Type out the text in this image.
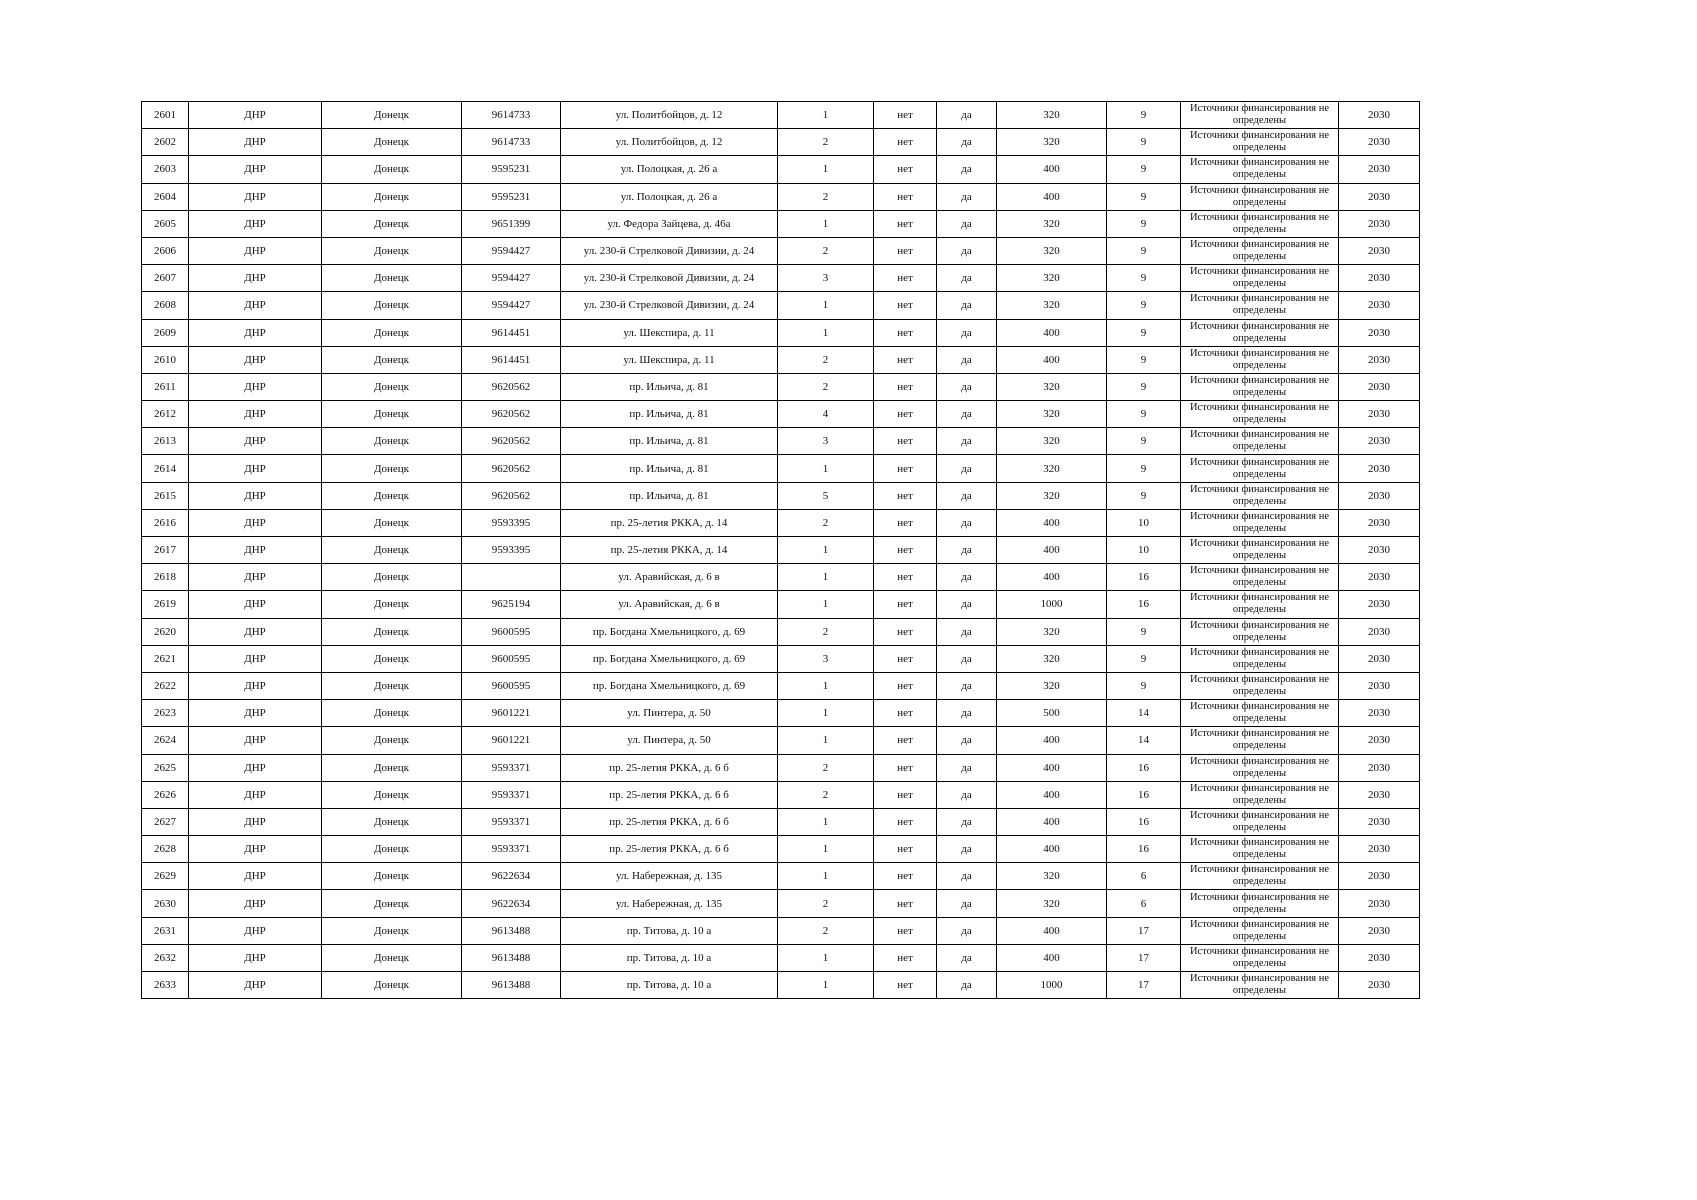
2601	ДНР	Донецк	9614733	ул. Политбойцов, д. 12	1	нет	да	320	9	Источники финансирования не определены	2030
2602	ДНР	Донецк	9614733	ул. Политбойцов, д. 12	2	нет	да	320	9	Источники финансирования не определены	2030
2603	ДНР	Донецк	9595231	ул. Полоцкая, д. 26 а	1	нет	да	400	9	Источники финансирования не определены	2030
2604	ДНР	Донецк	9595231	ул. Полоцкая, д. 26 а	2	нет	да	400	9	Источники финансирования не определены	2030
2605	ДНР	Донецк	9651399	ул. Федора Зайцева, д. 46а	1	нет	да	320	9	Источники финансирования не определены	2030
2606	ДНР	Донецк	9594427	ул. 230-й Стрелковой Дивизии, д. 24	2	нет	да	320	9	Источники финансирования не определены	2030
2607	ДНР	Донецк	9594427	ул. 230-й Стрелковой Дивизии, д. 24	3	нет	да	320	9	Источники финансирования не определены	2030
2608	ДНР	Донецк	9594427	ул. 230-й Стрелковой Дивизии, д. 24	1	нет	да	320	9	Источники финансирования не определены	2030
2609	ДНР	Донецк	9614451	ул. Шекспира, д. 11	1	нет	да	400	9	Источники финансирования не определены	2030
2610	ДНР	Донецк	9614451	ул. Шекспира, д. 11	2	нет	да	400	9	Источники финансирования не определены	2030
2611	ДНР	Донецк	9620562	пр. Ильича, д. 81	2	нет	да	320	9	Источники финансирования не определены	2030
2612	ДНР	Донецк	9620562	пр. Ильича, д. 81	4	нет	да	320	9	Источники финансирования не определены	2030
2613	ДНР	Донецк	9620562	пр. Ильича, д. 81	3	нет	да	320	9	Источники финансирования не определены	2030
2614	ДНР	Донецк	9620562	пр. Ильича, д. 81	1	нет	да	320	9	Источники финансирования не определены	2030
2615	ДНР	Донецк	9620562	пр. Ильича, д. 81	5	нет	да	320	9	Источники финансирования не определены	2030
2616	ДНР	Донецк	9593395	пр. 25-летия РККА, д. 14	2	нет	да	400	10	Источники финансирования не определены	2030
2617	ДНР	Донецк	9593395	пр. 25-летия РККА, д. 14	1	нет	да	400	10	Источники финансирования не определены	2030
2618	ДНР	Донецк		ул. Аравийская, д. 6 в	1	нет	да	400	16	Источники финансирования не определены	2030
2619	ДНР	Донецк	9625194	ул. Аравийская, д. 6 в	1	нет	да	1000	16	Источники финансирования не определены	2030
2620	ДНР	Донецк	9600595	пр. Богдана Хмельницкого, д. 69	2	нет	да	320	9	Источники финансирования не определены	2030
2621	ДНР	Донецк	9600595	пр. Богдана Хмельницкого, д. 69	3	нет	да	320	9	Источники финансирования не определены	2030
2622	ДНР	Донецк	9600595	пр. Богдана Хмельницкого, д. 69	1	нет	да	320	9	Источники финансирования не определены	2030
2623	ДНР	Донецк	9601221	ул. Пинтера, д. 50	1	нет	да	500	14	Источники финансирования не определены	2030
2624	ДНР	Донецк	9601221	ул. Пинтера, д. 50	1	нет	да	400	14	Источники финансирования не определены	2030
2625	ДНР	Донецк	9593371	пр. 25-летия РККА, д. 6 б	2	нет	да	400	16	Источники финансирования не определены	2030
2626	ДНР	Донецк	9593371	пр. 25-летия РККА, д. 6 б	2	нет	да	400	16	Источники финансирования не определены	2030
2627	ДНР	Донецк	9593371	пр. 25-летия РККА, д. 6 б	1	нет	да	400	16	Источники финансирования не определены	2030
2628	ДНР	Донецк	9593371	пр. 25-летия РККА, д. 6 б	1	нет	да	400	16	Источники финансирования не определены	2030
2629	ДНР	Донецк	9622634	ул. Набережная, д. 135	1	нет	да	320	6	Источники финансирования не определены	2030
2630	ДНР	Донецк	9622634	ул. Набережная, д. 135	2	нет	да	320	6	Источники финансирования не определены	2030
2631	ДНР	Донецк	9613488	пр. Титова, д. 10 а	2	нет	да	400	17	Источники финансирования не определены	2030
2632	ДНР	Донецк	9613488	пр. Титова, д. 10 а	1	нет	да	400	17	Источники финансирования не определены	2030
2633	ДНР	Донецк	9613488	пр. Титова, д. 10 а	1	нет	да	1000	17	Источники финансирования не определены	2030
